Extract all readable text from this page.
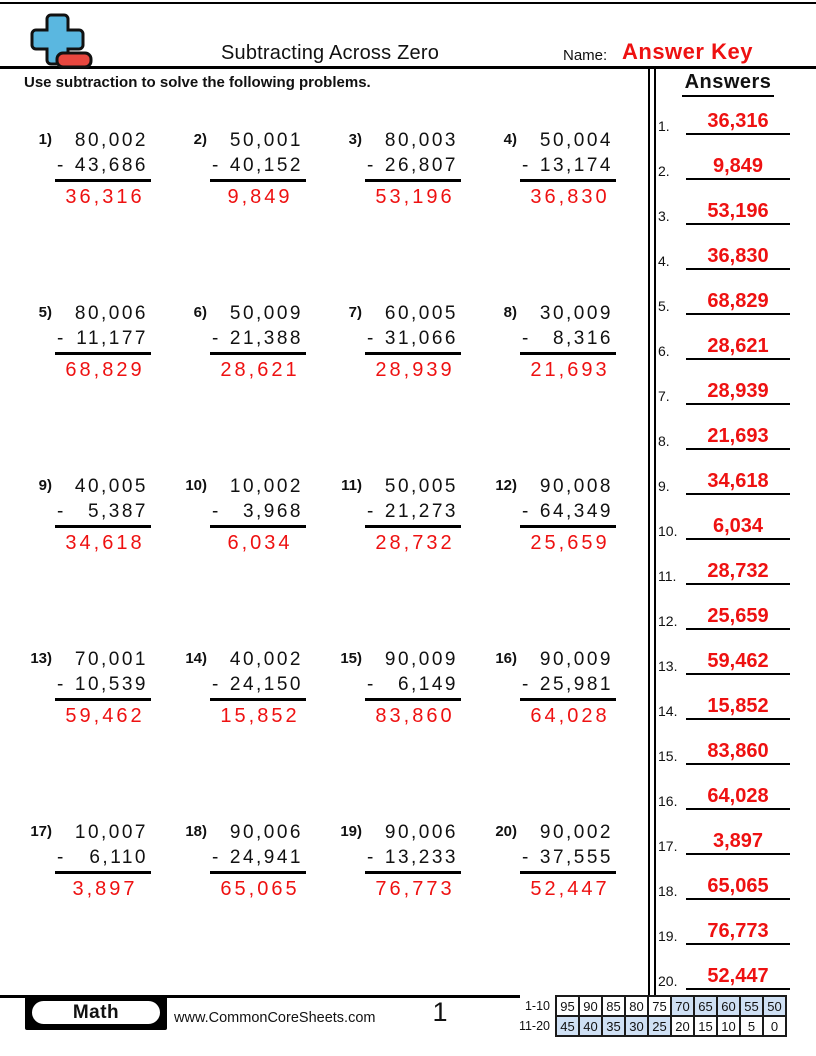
Subtracting Across Zero	Name: Answer Key
Use subtraction to solve the following problems.	Answers
1.	36,316
2.	9,849
3.	53,196
4.	36,830
5.	68,829
6.	28,621
7.	28,939
8.	21,693
9.	34,618
10.	6,034
11.	28,732
12.	25,659
13.	59,462
14.	15,852
15.	83,860
16.	64,028
17.	3,897
18.	65,065
19.	76,773
20.	52,447
1)	80,002
- 43,686
36,316
2)	50,001
- 40,152
9,849
3)	80,003
- 26,807
53,196
4)	50,004
- 13,174
36,830
5)	80,006
- 11,177
68,829
6)	50,009
- 21,388
28,621
7)	60,005
- 31,066
28,939
8)	30,009
- 8,316
21,693
9)	40,005
- 5,387
34,618
10)	10,002
- 3,968
6,034
11)	50,005
- 21,273
28,732
12)	90,008
- 64,349
25,659
13)	70,001
- 10,539
59,462
14)	40,002
- 24,150
15,852
15)	90,009
- 6,149
83,860
16)	90,009
- 25,981
64,028
17)	10,007
- 6,110
3,897
18)	90,006
- 24,941
65,065
19)	90,006
- 13,233
76,773
20)	90,002
- 37,555
52,447
Math	www.CommonCoreSheets.com	1	1-10	95	90	85	80	75	70	65	60	55	50
11-20	45	40	35	30	25	20	15	10	5	0
